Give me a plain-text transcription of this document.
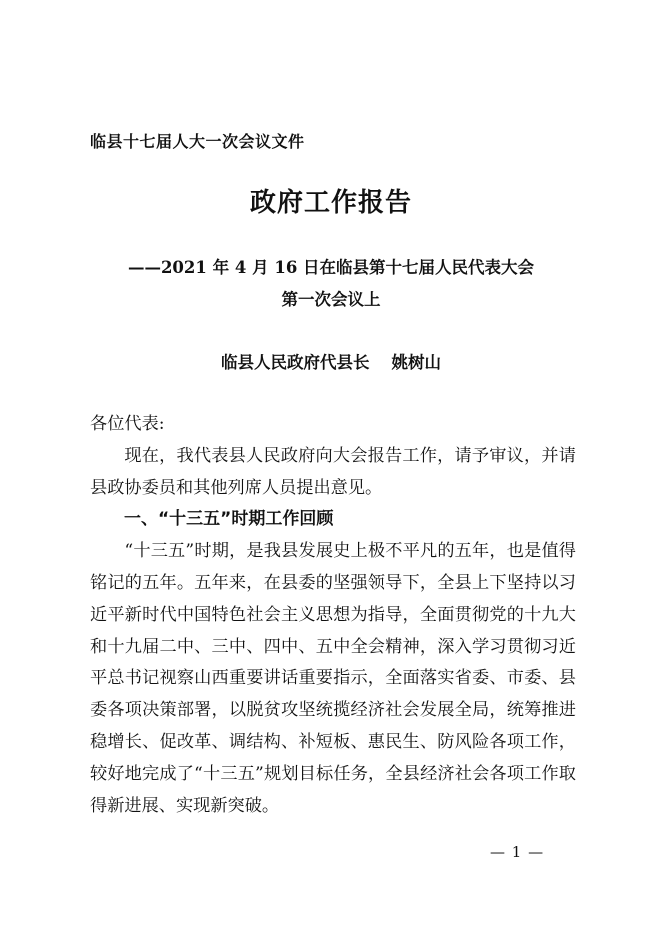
临县十七届人大一次会议文件
政府工作报告
——2021 年 4 月 16 日在临县第十七届人民代表大会
第一次会议上
临县人民政府代县长 姚树山

各位代表:

现在，我代表县人民政府向大会报告工作，请予审议，并请县政协委员和其他列席人员提出意见。

一、“十三五”时期工作回顾

“十三五”时期，是我县发展史上极不平凡的五年，也是值得铭记的五年。五年来，在县委的坚强领导下，全县上下坚持以习近平新时代中国特色社会主义思想为指导，全面贯彻党的十九大和十九届二中、三中、四中、五中全会精神，深入学习贯彻习近平总书记视察山西重要讲话重要指示，全面落实省委、市委、县委各项决策部署，以脱贫攻坚统揽经济社会发展全局，统筹推进稳增长、促改革、调结构、补短板、惠民生、防风险各项工作，较好地完成了“十三五”规划目标任务，全县经济社会各项工作取得新进展、实现新突破。

— 1 —
